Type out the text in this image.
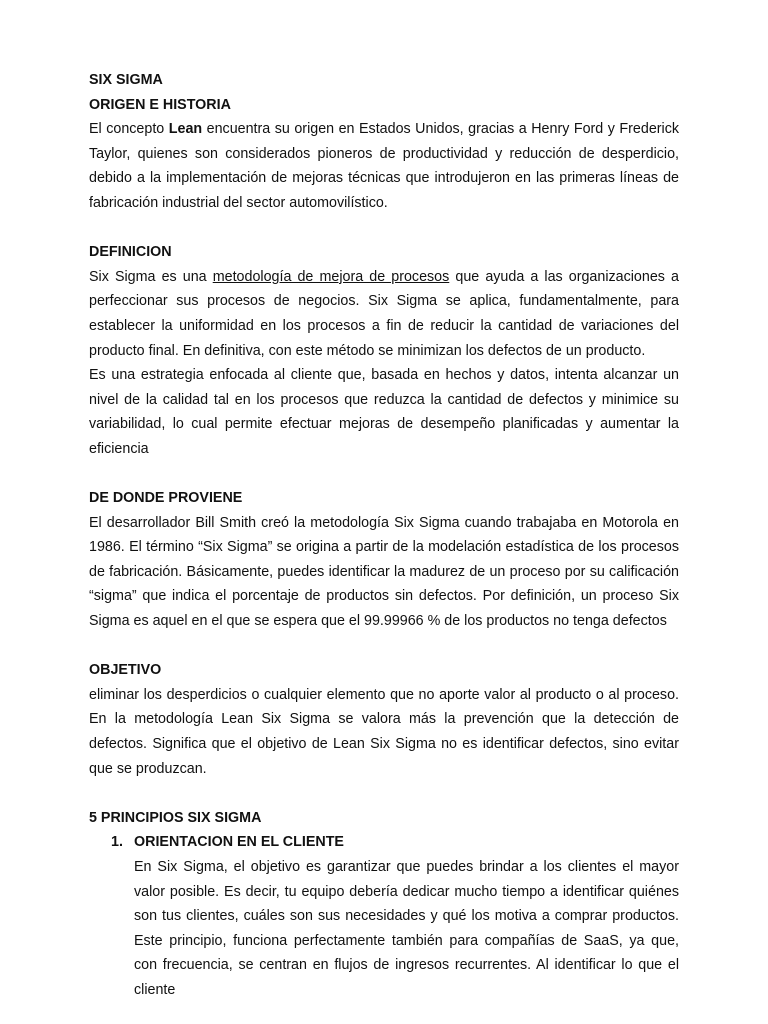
SIX SIGMA
ORIGEN E HISTORIA

El concepto Lean encuentra su origen en Estados Unidos, gracias a Henry Ford y Frederick Taylor, quienes son considerados pioneros de productividad y reducción de desperdicio, debido a la implementación de mejoras técnicas que introdujeron en las primeras líneas de fabricación industrial del sector automovilístico.

DEFINICION

Six Sigma es una metodología de mejora de procesos que ayuda a las organizaciones a perfeccionar sus procesos de negocios. Six Sigma se aplica, fundamentalmente, para establecer la uniformidad en los procesos a fin de reducir la cantidad de variaciones del producto final. En definitiva, con este método se minimizan los defectos de un producto.

Es una estrategia enfocada al cliente que, basada en hechos y datos, intenta alcanzar un nivel de la calidad tal en los procesos que reduzca la cantidad de defectos y minimice su variabilidad, lo cual permite efectuar mejoras de desempeño planificadas y aumentar la eficiencia

DE DONDE PROVIENE

El desarrollador Bill Smith creó la metodología Six Sigma cuando trabajaba en Motorola en 1986. El término “Six Sigma” se origina a partir de la modelación estadística de los procesos de fabricación. Básicamente, puedes identificar la madurez de un proceso por su calificación “sigma” que indica el porcentaje de productos sin defectos. Por definición, un proceso Six Sigma es aquel en el que se espera que el 99.99966 % de los productos no tenga defectos

OBJETIVO

eliminar los desperdicios o cualquier elemento que no aporte valor al producto o al proceso. En la metodología Lean Six Sigma se valora más la prevención que la detección de defectos. Significa que el objetivo de Lean Six Sigma no es identificar defectos, sino evitar que se produzcan.

5 PRINCIPIOS SIX SIGMA
1. ORIENTACION EN EL CLIENTE

En Six Sigma, el objetivo es garantizar que puedes brindar a los clientes el mayor valor posible. Es decir, tu equipo debería dedicar mucho tiempo a identificar quiénes son tus clientes, cuáles son sus necesidades y qué los motiva a comprar productos. Este principio, funciona perfectamente también para compañías de SaaS, ya que, con frecuencia, se centran en flujos de ingresos recurrentes. Al identificar lo que el cliente
